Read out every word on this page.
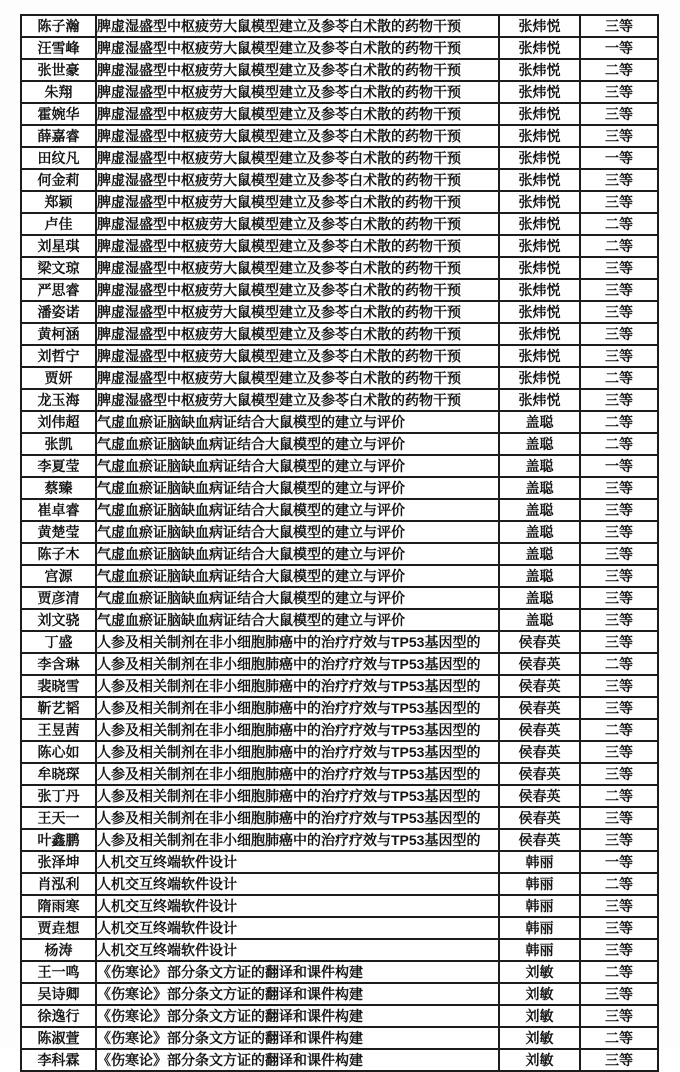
陈子瀚	脾虚湿盛型中枢疲劳大鼠模型建立及参苓白术散的药物干预	张炜悦	三等
汪雪峰	脾虚湿盛型中枢疲劳大鼠模型建立及参苓白术散的药物干预	张炜悦	一等
张世豪	脾虚湿盛型中枢疲劳大鼠模型建立及参苓白术散的药物干预	张炜悦	二等
朱翔	脾虚湿盛型中枢疲劳大鼠模型建立及参苓白术散的药物干预	张炜悦	三等
霍婉华	脾虚湿盛型中枢疲劳大鼠模型建立及参苓白术散的药物干预	张炜悦	三等
薛嘉睿	脾虚湿盛型中枢疲劳大鼠模型建立及参苓白术散的药物干预	张炜悦	三等
田纹凡	脾虚湿盛型中枢疲劳大鼠模型建立及参苓白术散的药物干预	张炜悦	一等
何金莉	脾虚湿盛型中枢疲劳大鼠模型建立及参苓白术散的药物干预	张炜悦	三等
郑颖	脾虚湿盛型中枢疲劳大鼠模型建立及参苓白术散的药物干预	张炜悦	三等
卢佳	脾虚湿盛型中枢疲劳大鼠模型建立及参苓白术散的药物干预	张炜悦	二等
刘星琪	脾虚湿盛型中枢疲劳大鼠模型建立及参苓白术散的药物干预	张炜悦	二等
梁文琼	脾虚湿盛型中枢疲劳大鼠模型建立及参苓白术散的药物干预	张炜悦	三等
严思睿	脾虚湿盛型中枢疲劳大鼠模型建立及参苓白术散的药物干预	张炜悦	三等
潘姿诺	脾虚湿盛型中枢疲劳大鼠模型建立及参苓白术散的药物干预	张炜悦	三等
黄柯涵	脾虚湿盛型中枢疲劳大鼠模型建立及参苓白术散的药物干预	张炜悦	三等
刘哲宁	脾虚湿盛型中枢疲劳大鼠模型建立及参苓白术散的药物干预	张炜悦	三等
贾妍	脾虚湿盛型中枢疲劳大鼠模型建立及参苓白术散的药物干预	张炜悦	二等
龙玉海	脾虚湿盛型中枢疲劳大鼠模型建立及参苓白术散的药物干预	张炜悦	三等
刘伟超	气虚血瘀证脑缺血病证结合大鼠模型的建立与评价	盖聪	二等
张凯	气虚血瘀证脑缺血病证结合大鼠模型的建立与评价	盖聪	二等
李夏莹	气虚血瘀证脑缺血病证结合大鼠模型的建立与评价	盖聪	一等
蔡臻	气虚血瘀证脑缺血病证结合大鼠模型的建立与评价	盖聪	三等
崔卓睿	气虚血瘀证脑缺血病证结合大鼠模型的建立与评价	盖聪	三等
黄楚莹	气虚血瘀证脑缺血病证结合大鼠模型的建立与评价	盖聪	三等
陈子木	气虚血瘀证脑缺血病证结合大鼠模型的建立与评价	盖聪	三等
宫源	气虚血瘀证脑缺血病证结合大鼠模型的建立与评价	盖聪	三等
贾彦清	气虚血瘀证脑缺血病证结合大鼠模型的建立与评价	盖聪	三等
刘文骁	气虚血瘀证脑缺血病证结合大鼠模型的建立与评价	盖聪	三等
丁盛	人参及相关制剂在非小细胞肺癌中的治疗疗效与TP53基因型的	侯春英	三等
李含琳	人参及相关制剂在非小细胞肺癌中的治疗疗效与TP53基因型的	侯春英	二等
裴晓雪	人参及相关制剂在非小细胞肺癌中的治疗疗效与TP53基因型的	侯春英	三等
靳艺韬	人参及相关制剂在非小细胞肺癌中的治疗疗效与TP53基因型的	侯春英	三等
王昱茜	人参及相关制剂在非小细胞肺癌中的治疗疗效与TP53基因型的	侯春英	二等
陈心如	人参及相关制剂在非小细胞肺癌中的治疗疗效与TP53基因型的	侯春英	三等
牟晓琛	人参及相关制剂在非小细胞肺癌中的治疗疗效与TP53基因型的	侯春英	三等
张丁丹	人参及相关制剂在非小细胞肺癌中的治疗疗效与TP53基因型的	侯春英	二等
王天一	人参及相关制剂在非小细胞肺癌中的治疗疗效与TP53基因型的	侯春英	三等
叶鑫鹏	人参及相关制剂在非小细胞肺癌中的治疗疗效与TP53基因型的	侯春英	三等
张泽坤	人机交互终端软件设计	韩丽	一等
肖泓利	人机交互终端软件设计	韩丽	二等
隋雨寒	人机交互终端软件设计	韩丽	三等
贾垚想	人机交互终端软件设计	韩丽	三等
杨涛	人机交互终端软件设计	韩丽	三等
王一鸣	《伤寒论》部分条文方证的翻译和课件构建	刘敏	二等
吴诗卿	《伤寒论》部分条文方证的翻译和课件构建	刘敏	三等
徐逸行	《伤寒论》部分条文方证的翻译和课件构建	刘敏	三等
陈淑萱	《伤寒论》部分条文方证的翻译和课件构建	刘敏	二等
李科霖	《伤寒论》部分条文方证的翻译和课件构建	刘敏	三等
